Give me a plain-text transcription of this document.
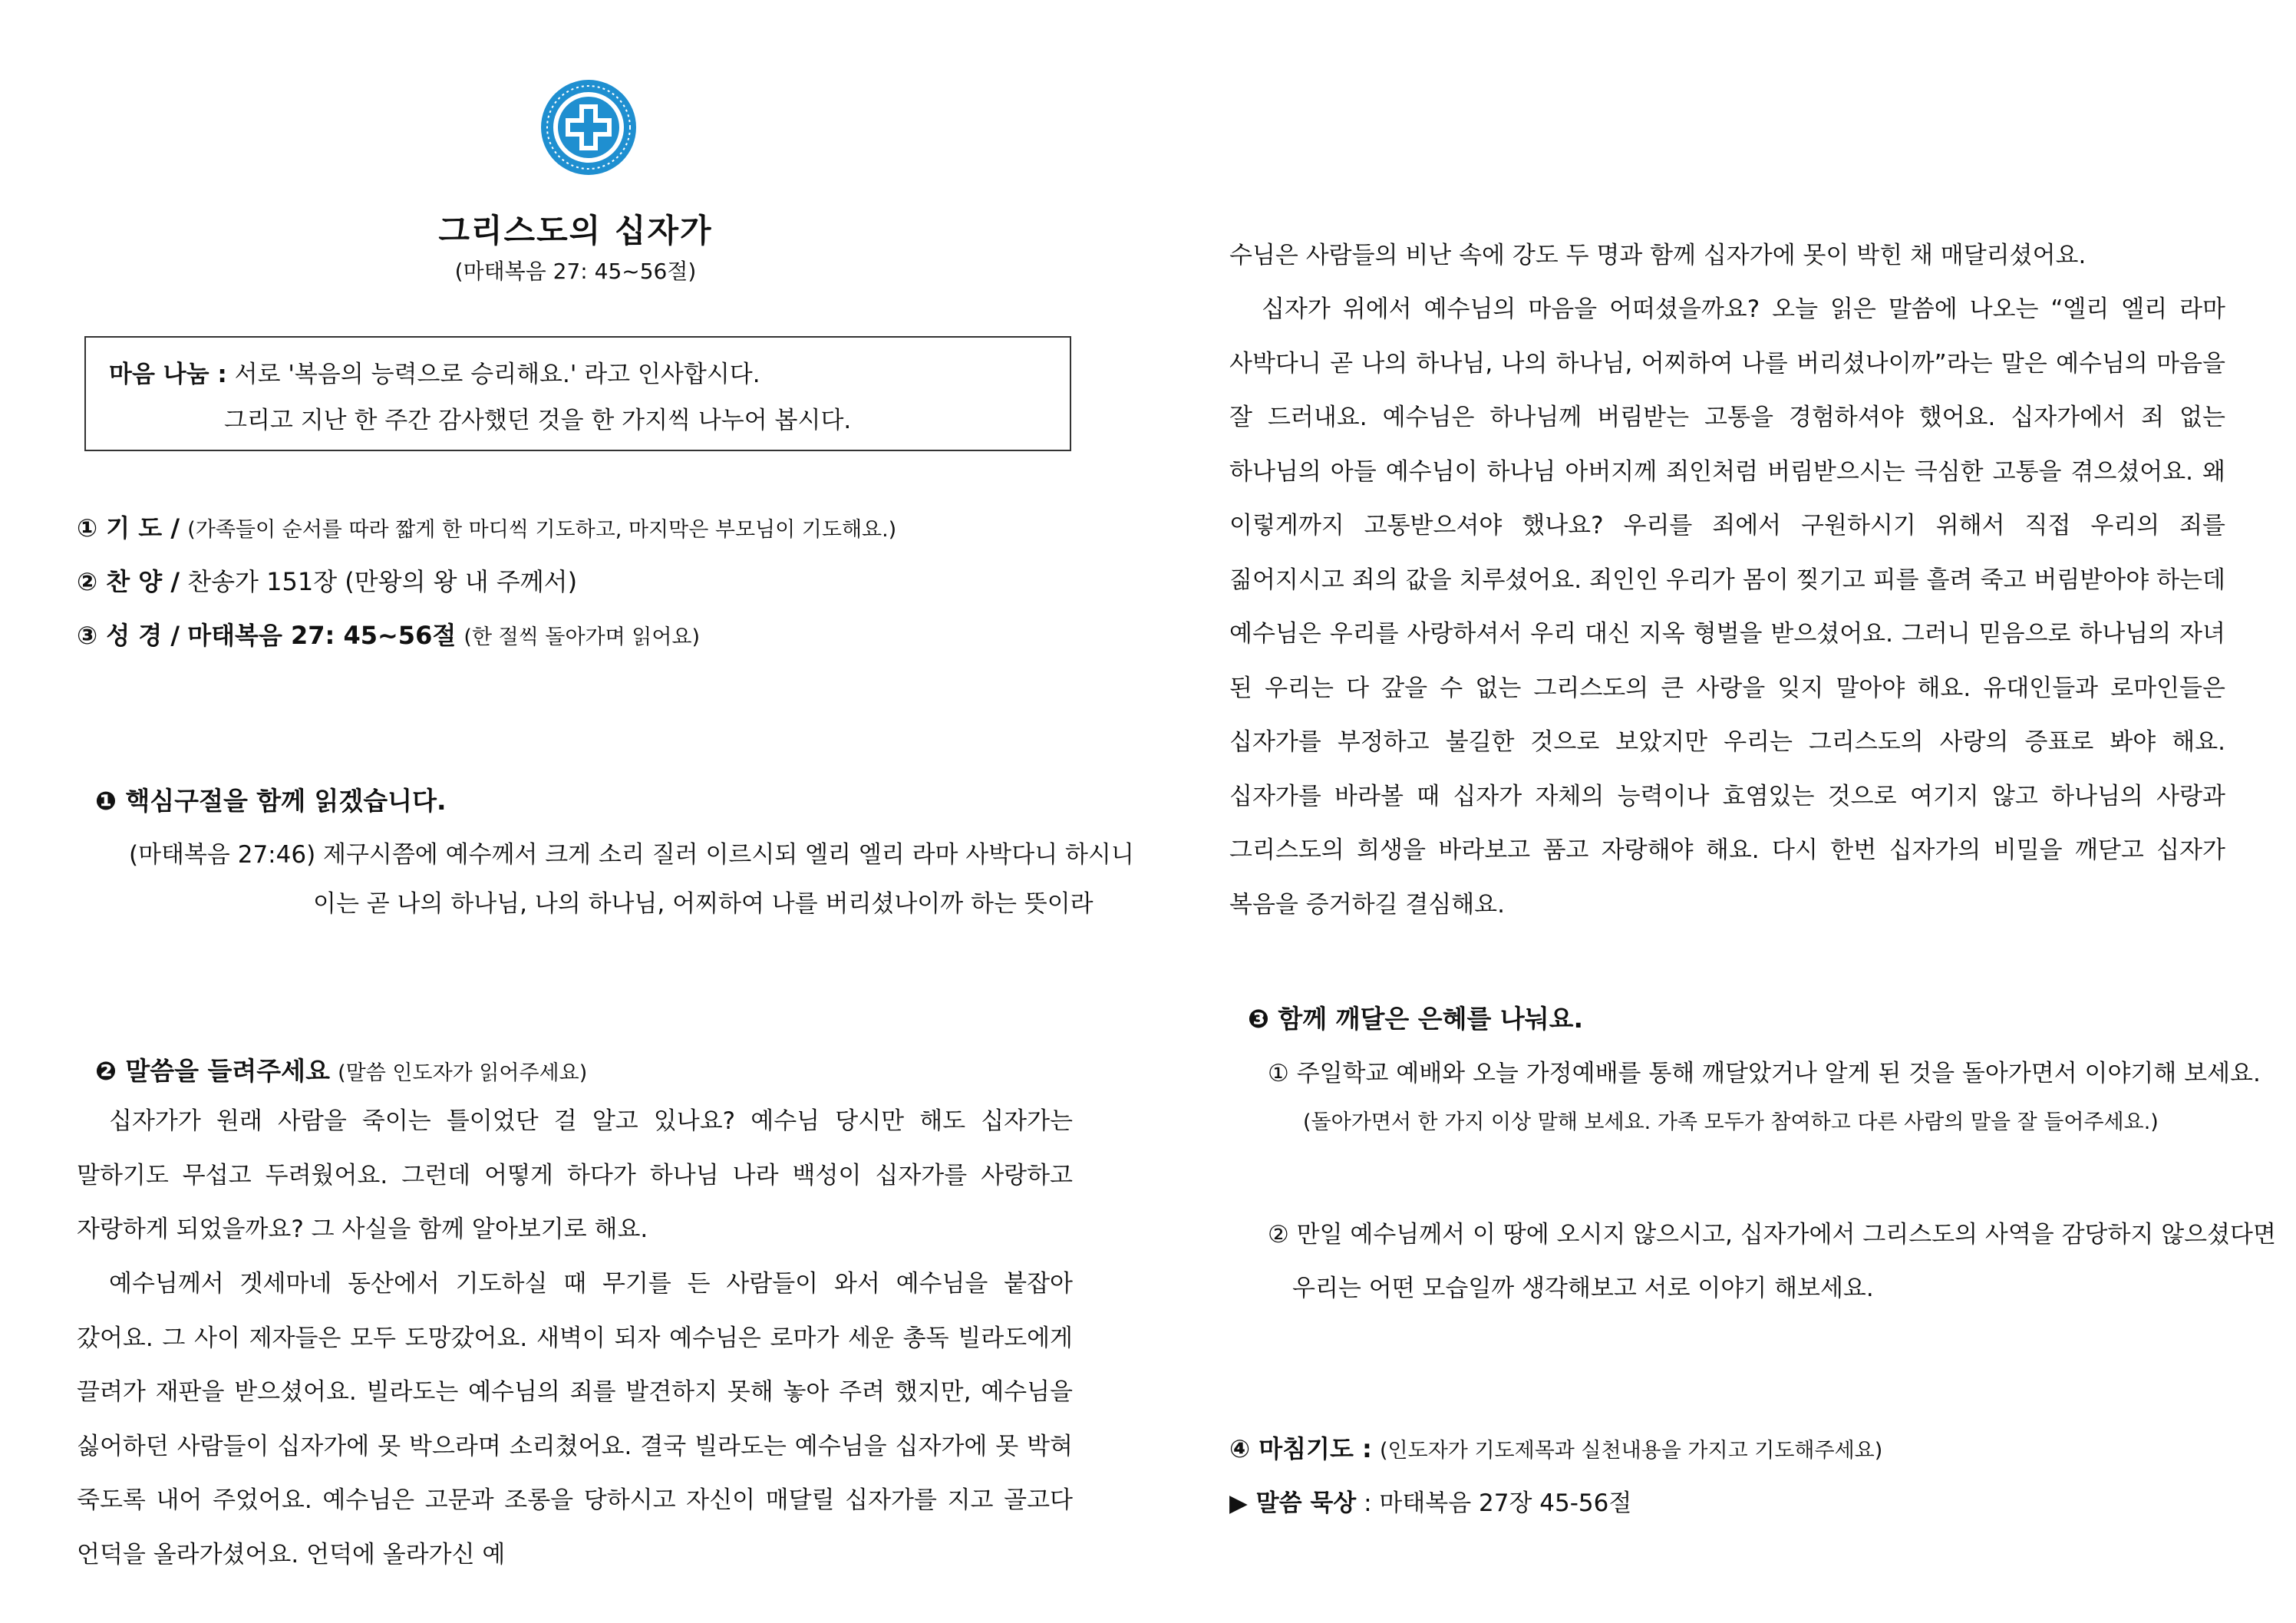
그리스도의 십자가
(마태복음 27: 45~56절)
마음 나눔 : 서로 '복음의 능력으로 승리해요.' 라고 인사합시다.
그리고 지난 한 주간 감사했던 것을 한 가지씩 나누어 봅시다.
① 기 도 / (가족들이 순서를 따라 짧게 한 마디씩 기도하고, 마지막은 부모님이 기도해요.)
② 찬 양 / 찬송가 151장 (만왕의 왕 내 주께서)
③ 성 경 / 마태복음 27: 45~56절 (한 절씩 돌아가며 읽어요)
❶ 핵심구절을 함께 읽겠습니다.
(마태복음 27:46) 제구시쯤에 예수께서 크게 소리 질러 이르시되 엘리 엘리 라마 사박다니 하시니
이는 곧 나의 하나님, 나의 하나님, 어찌하여 나를 버리셨나이까 하는 뜻이라
❷ 말씀을 들려주세요 (말씀 인도자가 읽어주세요)
십자가가 원래 사람을 죽이는 틀이었단 걸 알고 있나요? 예수님 당시만 해도 십자가는 말하기도 무섭고 두려웠어요. 그런데 어떻게 하다가 하나님 나라 백성이 십자가를 사랑하고 자랑하게 되었을까요? 그 사실을 함께 알아보기로 해요.
예수님께서 겟세마네 동산에서 기도하실 때 무기를 든 사람들이 와서 예수님을 붙잡아 갔어요. 그 사이 제자들은 모두 도망갔어요. 새벽이 되자 예수님은 로마가 세운 총독 빌라도에게 끌려가 재판을 받으셨어요. 빌라도는 예수님의 죄를 발견하지 못해 놓아 주려 했지만, 예수님을 싫어하던 사람들이 십자가에 못 박으라며 소리쳤어요. 결국 빌라도는 예수님을 십자가에 못 박혀 죽도록 내어 주었어요. 예수님은 고문과 조롱을 당하시고 자신이 매달릴 십자가를 지고 골고다 언덕을 올라가셨어요. 언덕에 올라가신 예
수님은 사람들의 비난 속에 강도 두 명과 함께 십자가에 못이 박힌 채 매달리셨어요.
십자가 위에서 예수님의 마음을 어떠셨을까요? 오늘 읽은 말씀에 나오는 “엘리 엘리 라마 사박다니 곧 나의 하나님, 나의 하나님, 어찌하여 나를 버리셨나이까”라는 말은 예수님의 마음을 잘 드러내요. 예수님은 하나님께 버림받는 고통을 경험하셔야 했어요. 십자가에서 죄 없는 하나님의 아들 예수님이 하나님 아버지께 죄인처럼 버림받으시는 극심한 고통을 겪으셨어요. 왜 이렇게까지 고통받으셔야 했나요? 우리를 죄에서 구원하시기 위해서 직접 우리의 죄를 짊어지시고 죄의 값을 치루셨어요. 죄인인 우리가 몸이 찢기고 피를 흘려 죽고 버림받아야 하는데 예수님은 우리를 사랑하셔서 우리 대신 지옥 형벌을 받으셨어요. 그러니 믿음으로 하나님의 자녀 된 우리는 다 갚을 수 없는 그리스도의 큰 사랑을 잊지 말아야 해요. 유대인들과 로마인들은 십자가를 부정하고 불길한 것으로 보았지만 우리는 그리스도의 사랑의 증표로 봐야 해요. 십자가를 바라볼 때 십자가 자체의 능력이나 효염있는 것으로 여기지 않고 하나님의 사랑과 그리스도의 희생을 바라보고 품고 자랑해야 해요. 다시 한번 십자가의 비밀을 깨닫고 십자가 복음을 증거하길 결심해요.
❸ 함께 깨달은 은혜를 나눠요.
① 주일학교 예배와 오늘 가정예배를 통해 깨달았거나 알게 된 것을 돌아가면서 이야기해 보세요.
(돌아가면서 한 가지 이상 말해 보세요. 가족 모두가 참여하고 다른 사람의 말을 잘 들어주세요.)
② 만일 예수님께서 이 땅에 오시지 않으시고, 십자가에서 그리스도의 사역을 감당하지 않으셨다면
우리는 어떤 모습일까 생각해보고 서로 이야기 해보세요.
④ 마침기도 : (인도자가 기도제목과 실천내용을 가지고 기도해주세요)
▶ 말씀 묵상 : 마태복음 27장 45-56절
